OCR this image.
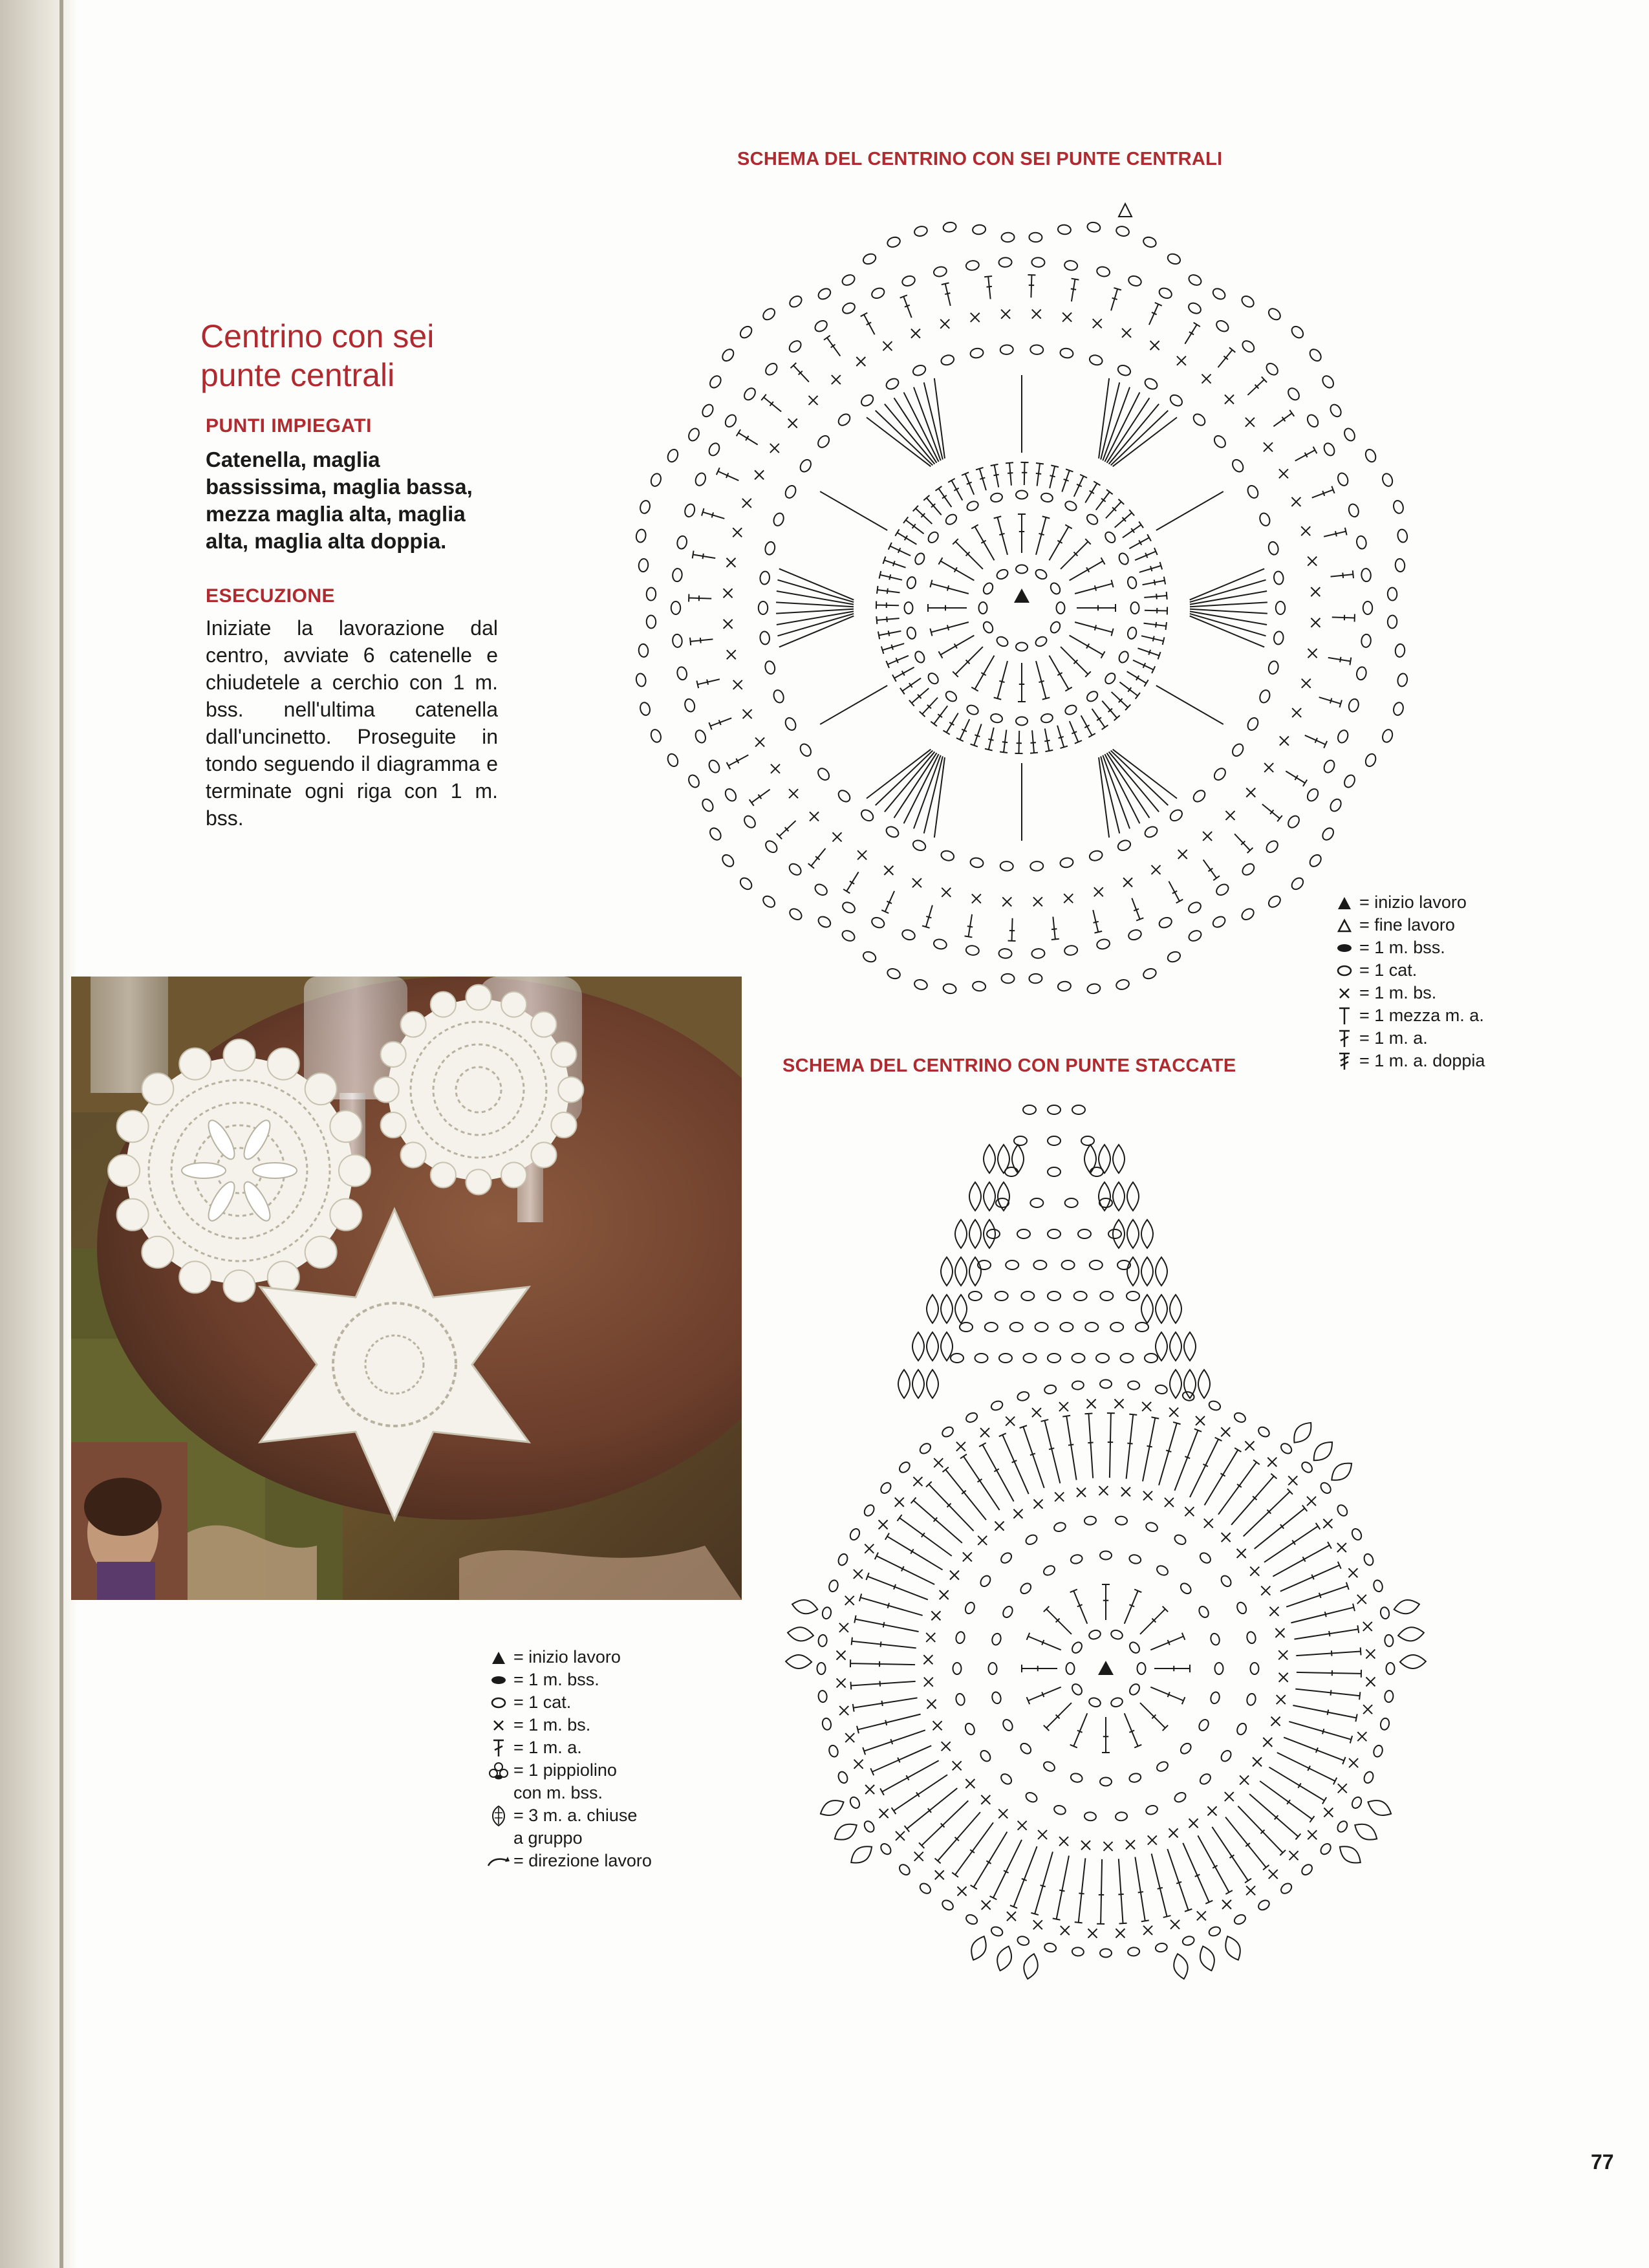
Centrino con sei punte centrali
PUNTI IMPIEGATI

Catenella, maglia bassissima, maglia bassa, mezza maglia alta, maglia alta, maglia alta doppia.

ESECUZIONE

Iniziate la lavorazione dal centro, avviate 6 catenelle e chiudetele a cerchio con 1 m. bss. nell'ultima catenella dall'uncinetto. Proseguite in tondo seguendo il diagramma e terminate ogni riga con 1 m. bss.

SCHEMA DEL CENTRINO CON SEI PUNTE CENTRALI
= inizio lavoro
= fine lavoro
= 1 m. bss.
= 1 cat.
= 1 m. bs.
= 1 mezza m. a.
= 1 m. a.
= 1 m. a. doppia
SCHEMA DEL CENTRINO CON PUNTE STACCATE
= inizio lavoro
= 1 m. bss.
= 1 cat.
= 1 m. bs.
= 1 m. a.
= 1 pippiolino
con m. bss.
= 3 m. a. chiuse
a gruppo
= direzione lavoro
77
